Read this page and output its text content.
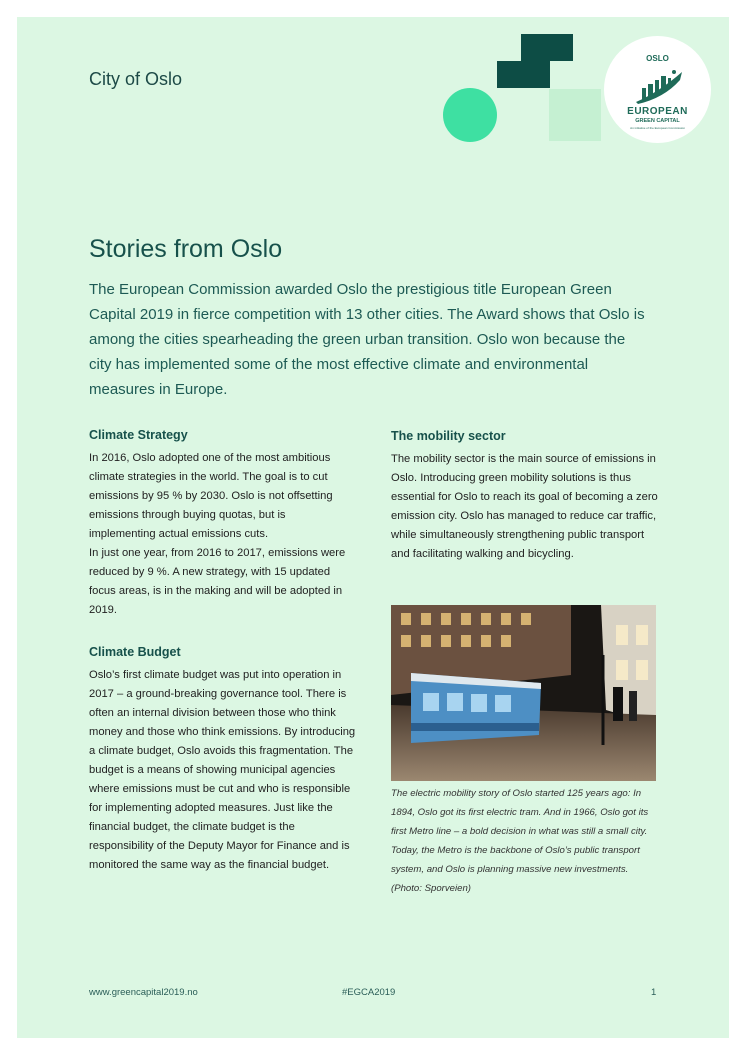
City of Oslo
OSLO
EUROPEAN
GREEN CAPITAL
An initiative of the European Commission
Stories from Oslo

The European Commission awarded Oslo the prestigious title European Green Capital 2019 in fierce competition with 13 other cities. The Award shows that Oslo is among the cities spearheading the green urban transition. Oslo won because the city has implemented some of the most effective climate and environmental measures in Europe.

Climate Strategy

In 2016, Oslo adopted one of the most ambitious climate strategies in the world. The goal is to cut emissions by 95 % by 2030. Oslo is not offsetting emissions through buying quotas, but is implementing actual emissions cuts.

In just one year, from 2016 to 2017, emissions were reduced by 9 %. A new strategy, with 15 updated focus areas, is in the making and will be adopted in 2019.

Climate Budget

Oslo’s first climate budget was put into operation in 2017 – a ground-breaking governance tool. There is often an internal division between those who think money and those who think emissions. By introducing a climate budget, Oslo avoids this fragmentation. The budget is a means of showing municipal agencies where emissions must be cut and who is responsible for implementing adopted measures. Just like the financial budget, the climate budget is the responsibility of the Deputy Mayor for Finance and is monitored the same way as the financial budget.

The mobility sector

The mobility sector is the main source of emissions in Oslo. Introducing green mobility solutions is thus essential for Oslo to reach its goal of becoming a zero emission city. Oslo has managed to reduce car traffic, while simultaneously strengthening public transport and facilitating walking and bicycling.

The electric mobility story of Oslo started 125 years ago: In 1894, Oslo got its first electric tram. And in 1966, Oslo got its first Metro line – a bold decision in what was still a small city. Today, the Metro is the backbone of Oslo’s public transport system, and Oslo is planning massive new investments. (Photo: Sporveien)

www.greencapital2019.no	#EGCA2019	1
